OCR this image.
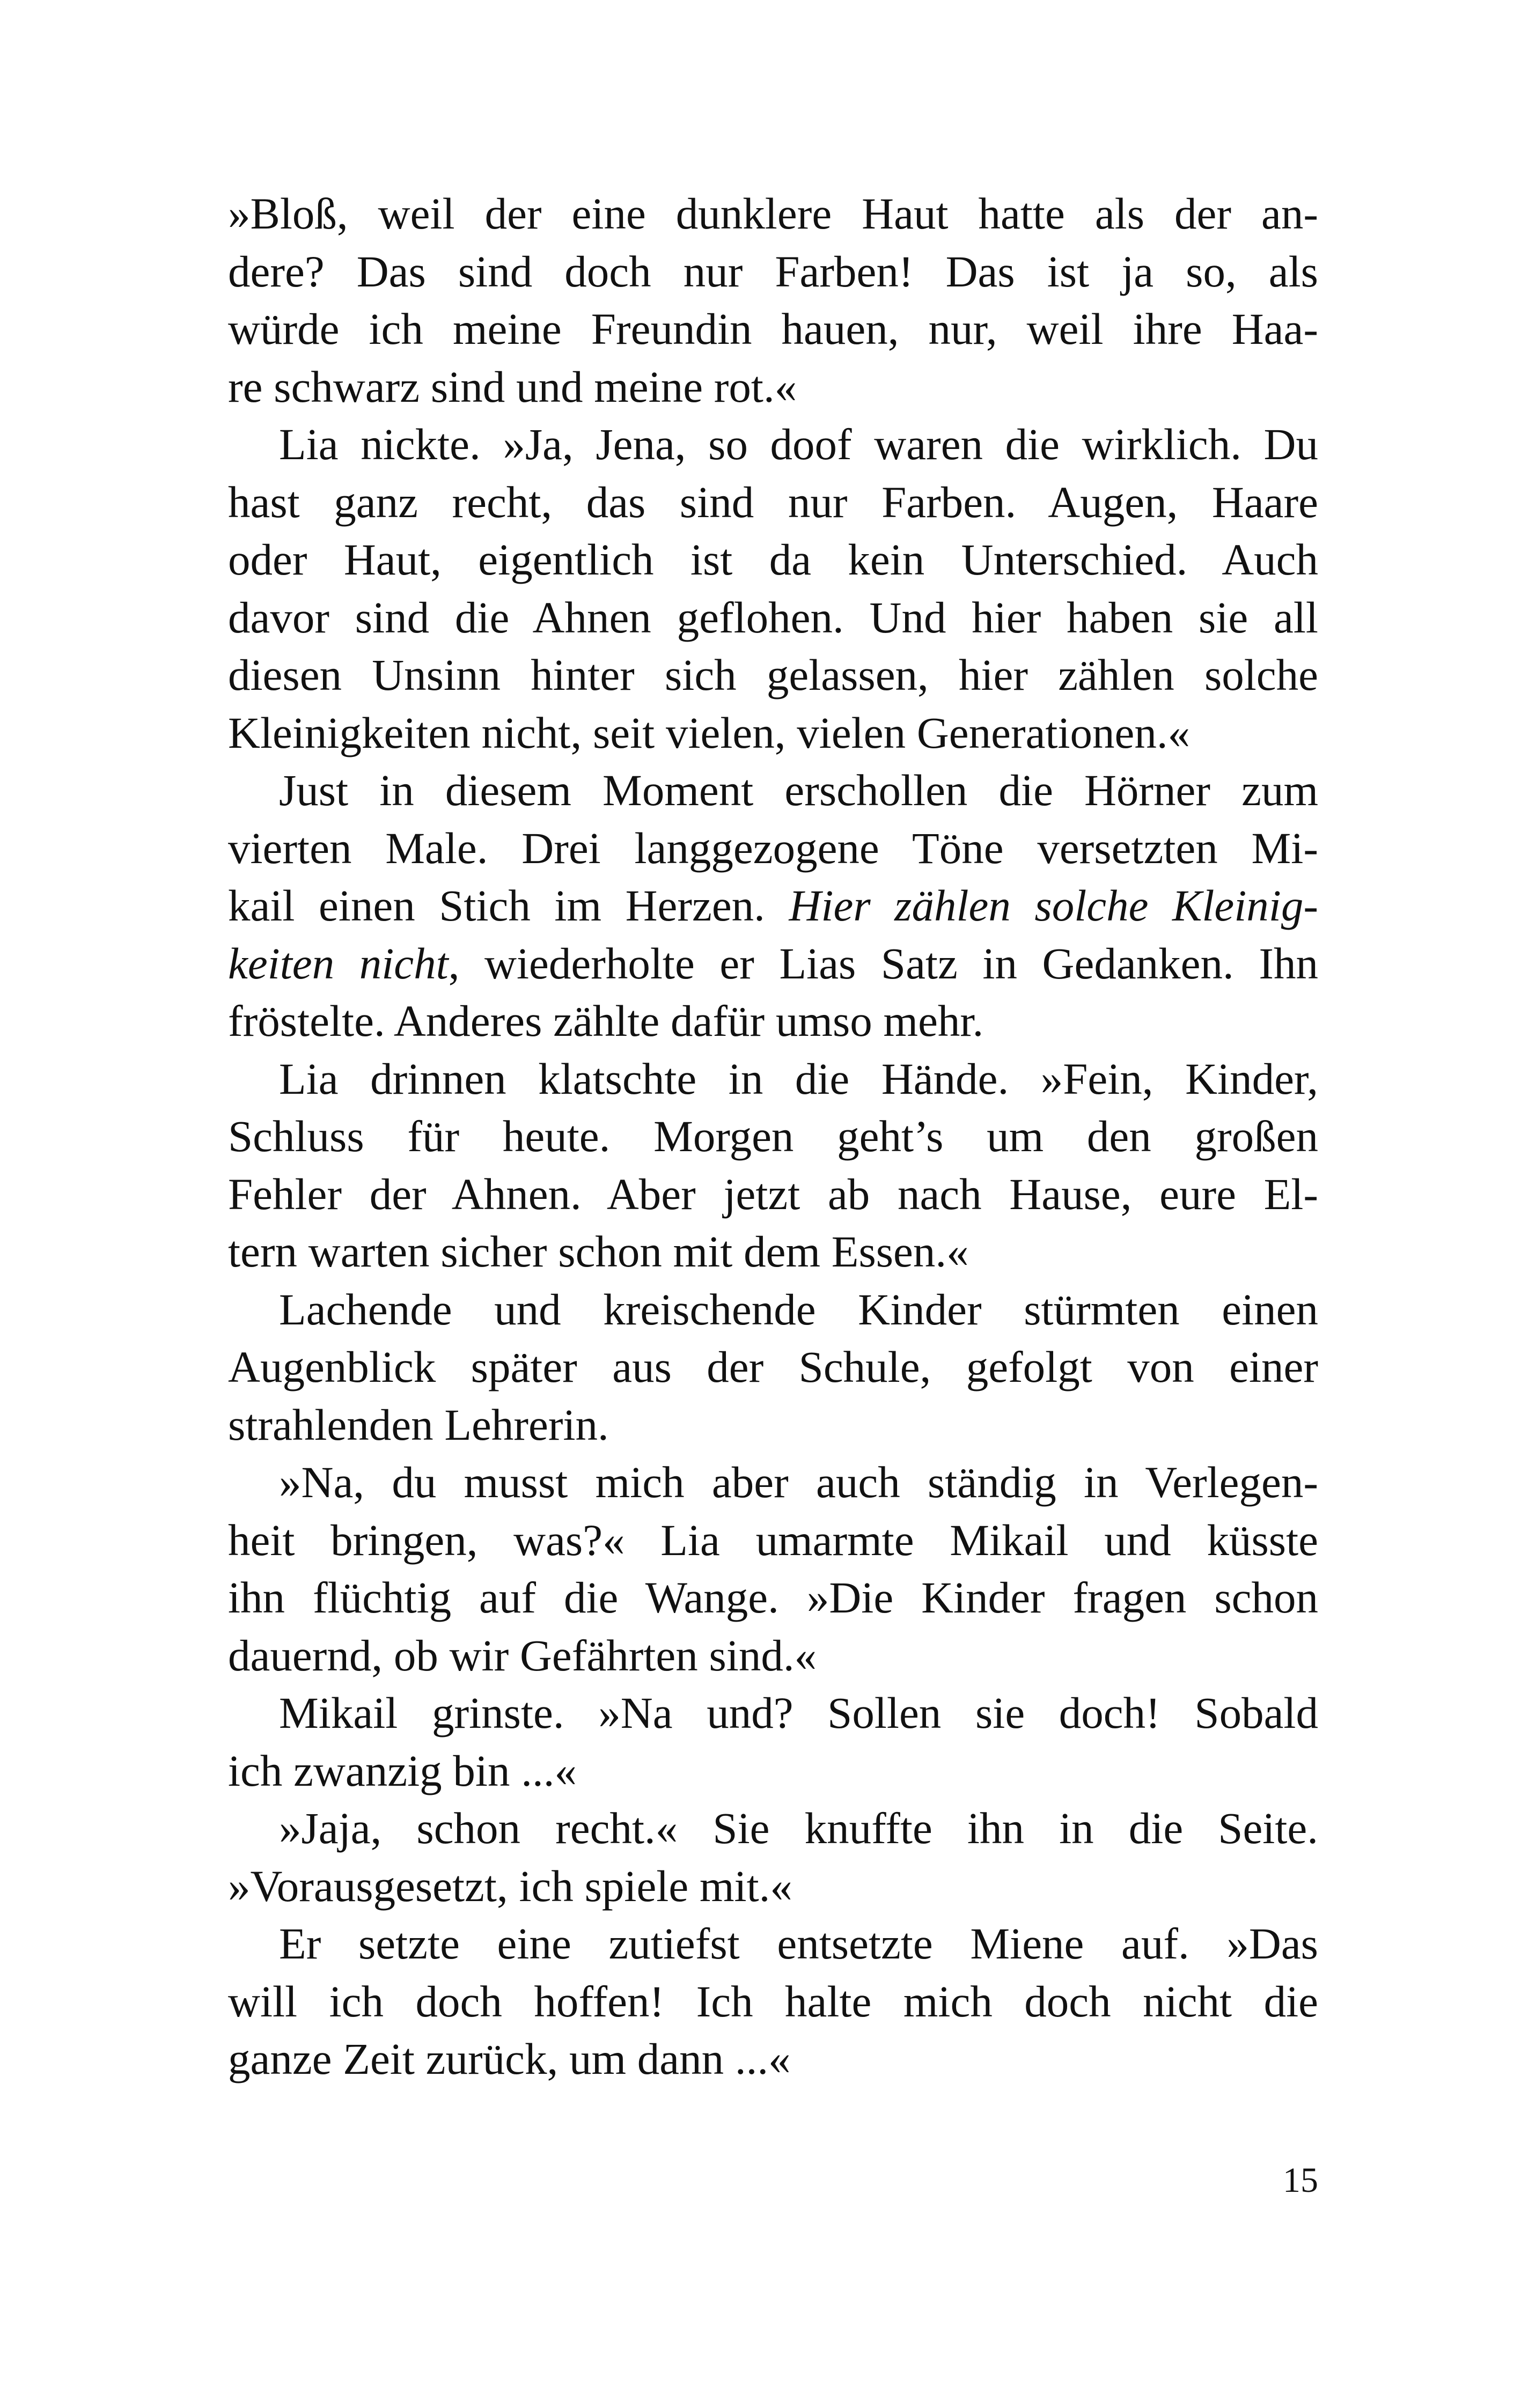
»Bloß, weil der eine dunklere Haut hatte als der an-
dere? Das sind doch nur Farben! Das ist ja so, als
würde ich meine Freundin hauen, nur, weil ihre Haa-
re schwarz sind und meine rot.«
Lia nickte. »Ja, Jena, so doof waren die wirklich. Du
hast ganz recht, das sind nur Farben. Augen, Haare
oder Haut, eigentlich ist da kein Unterschied. Auch
davor sind die Ahnen geflohen. Und hier haben sie all
diesen Unsinn hinter sich gelassen, hier zählen solche
Kleinigkeiten nicht, seit vielen, vielen Generationen.«
Just in diesem Moment erschollen die Hörner zum
vierten Male. Drei langgezogene Töne versetzten Mi-
kail einen Stich im Herzen. Hier zählen solche Kleinig-
keiten nicht, wiederholte er Lias Satz in Gedanken. Ihn
fröstelte. Anderes zählte dafür umso mehr.
Lia drinnen klatschte in die Hände. »Fein, Kinder,
Schluss für heute. Morgen geht’s um den großen
Fehler der Ahnen. Aber jetzt ab nach Hause, eure El-
tern warten sicher schon mit dem Essen.«
Lachende und kreischende Kinder stürmten einen
Augenblick später aus der Schule, gefolgt von einer
strahlenden Lehrerin.
»Na, du musst mich aber auch ständig in Verlegen-
heit bringen, was?« Lia umarmte Mikail und küsste
ihn flüchtig auf die Wange. »Die Kinder fragen schon
dauernd, ob wir Gefährten sind.«
Mikail grinste. »Na und? Sollen sie doch! Sobald
ich zwanzig bin ...«
»Jaja, schon recht.« Sie knuffte ihn in die Seite.
»Vorausgesetzt, ich spiele mit.«
Er setzte eine zutiefst entsetzte Miene auf. »Das
will ich doch hoffen! Ich halte mich doch nicht die
ganze Zeit zurück, um dann ...«
15
